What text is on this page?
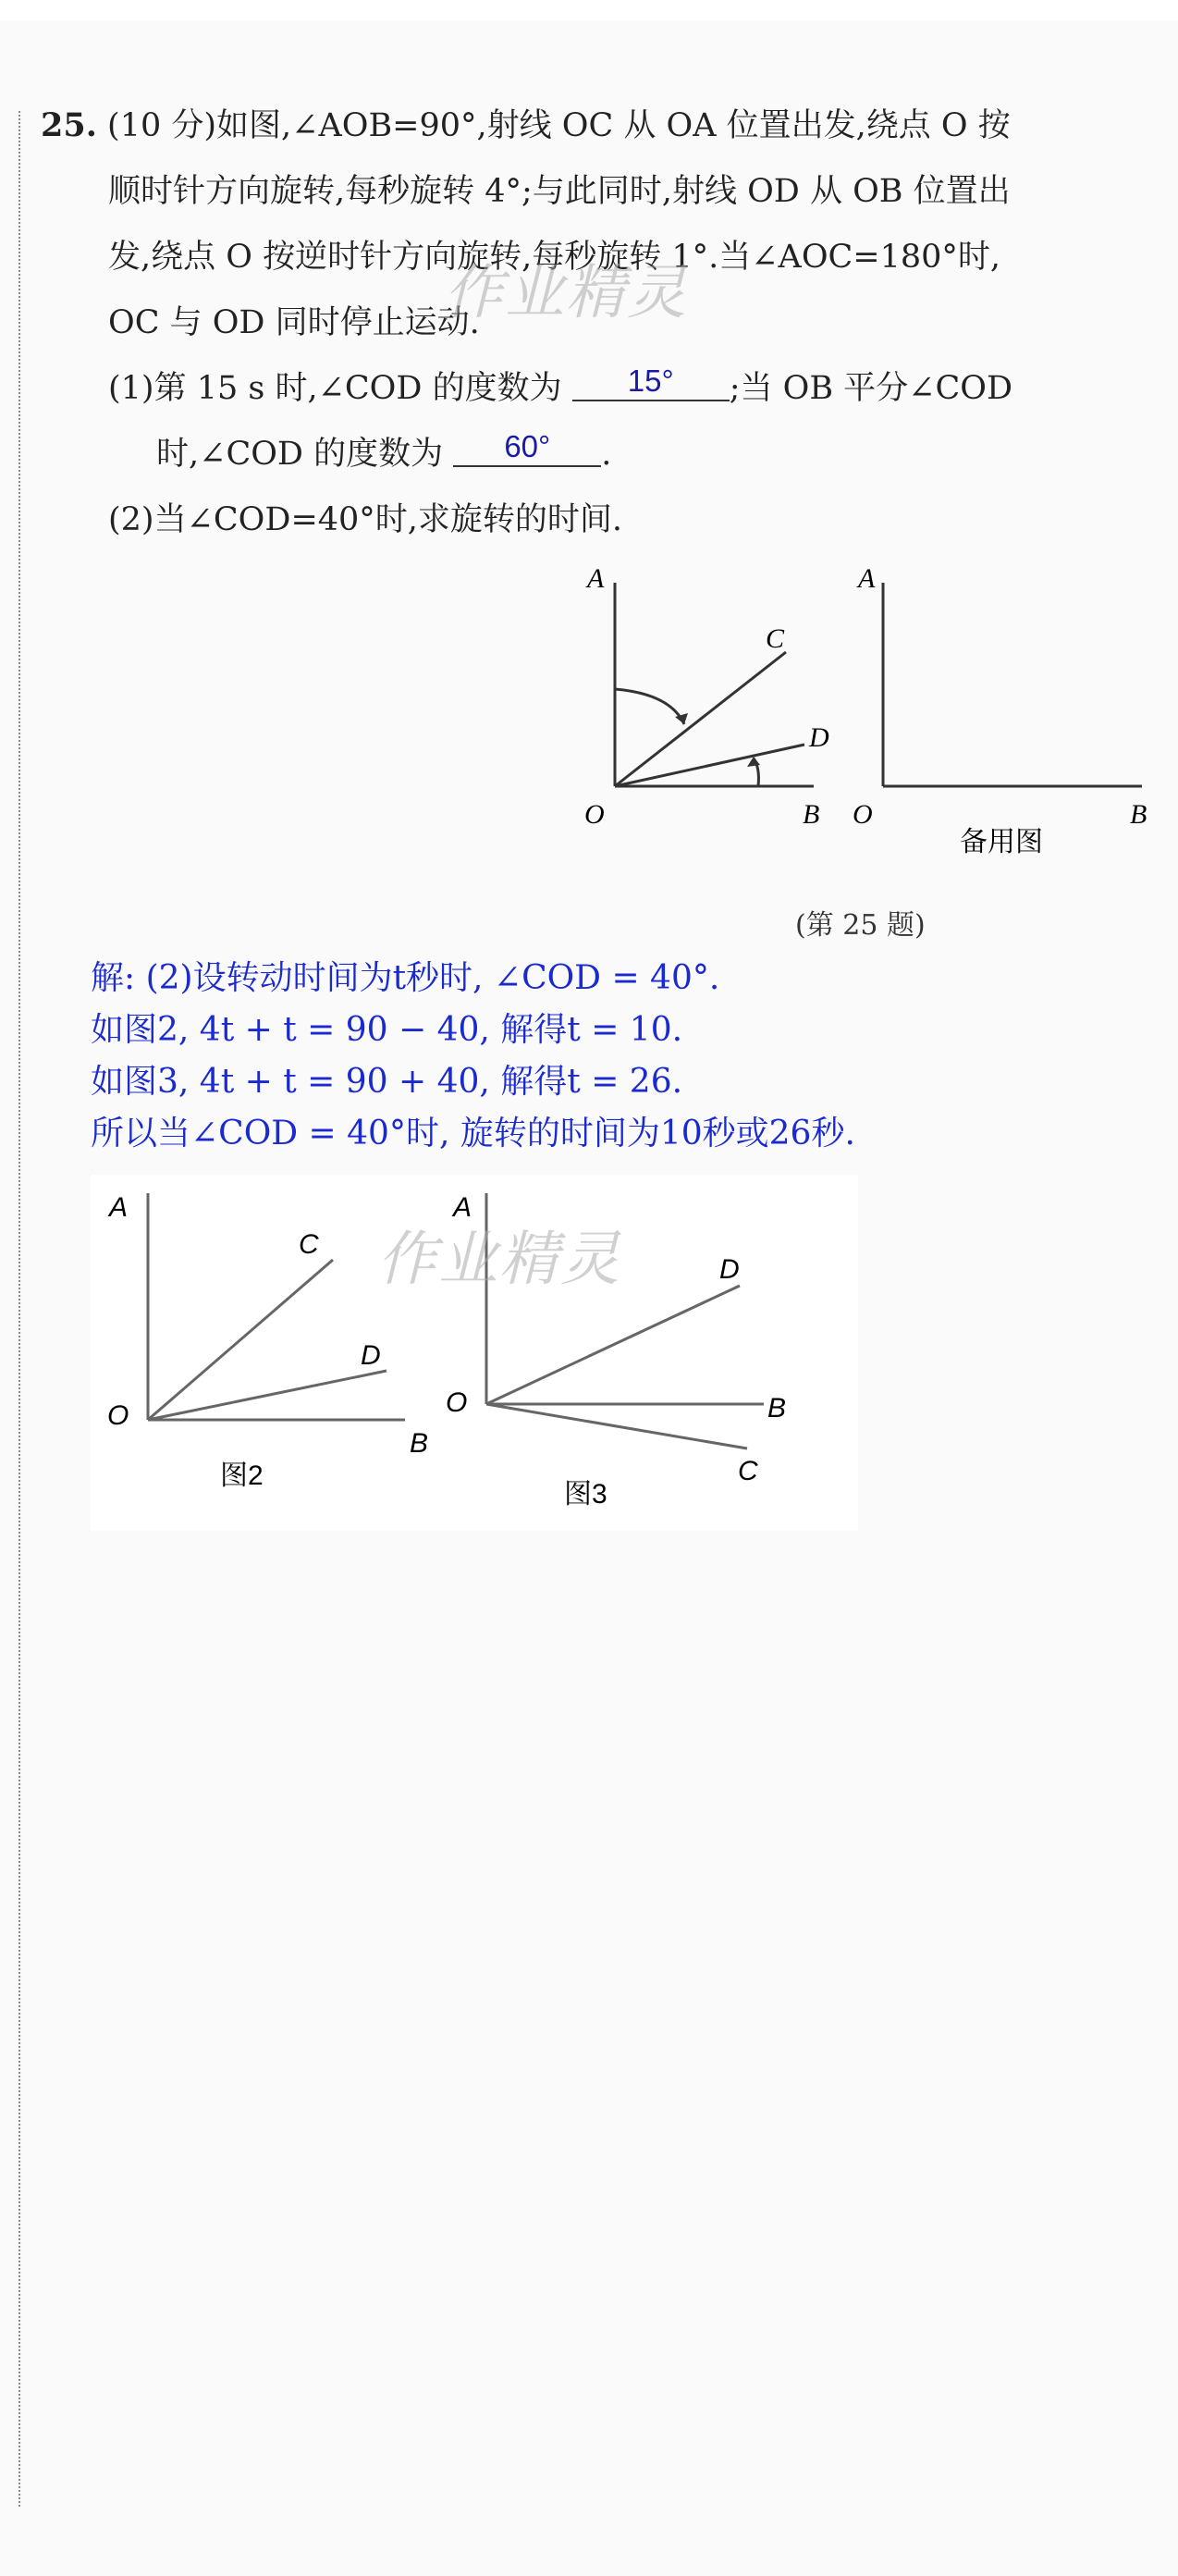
25. (10 分)如图,∠AOB=90°,射线 OC 从 OA 位置出发,绕点 O 按
顺时针方向旋转,每秒旋转 4°;与此同时,射线 OD 从 OB 位置出
发,绕点 O 按逆时针方向旋转,每秒旋转 1°.当∠AOC=180°时,
OC 与 OD 同时停止运动.
(1)第 15 s 时,∠COD 的度数为 15° ;当 OB 平分∠COD
时,∠COD 的度数为 60° .
(2)当∠COD=40°时,求旋转的时间.
作业精灵
A
C
D
O	B
A
O	B
备用图
(第 25 题)
解: (2)设转动时间为t秒时, ∠COD = 40°.
如图2, 4t + t = 90 − 40, 解得t = 10.
如图3, 4t + t = 90 + 40, 解得t = 26.
所以当∠COD = 40°时, 旋转的时间为10秒或26秒.
A
C
D
O
B
图2
A
D
O	B
C
图3
作业精灵
